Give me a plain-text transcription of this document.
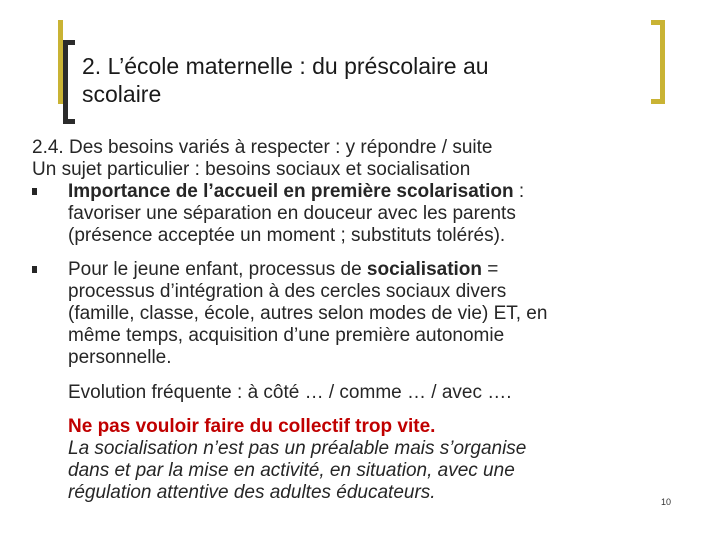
2. L’école maternelle : du préscolaire au
scolaire

2.4. Des besoins variés à respecter : y répondre / suite

Un sujet particulier : besoins sociaux et socialisation

Importance de l’accueil en première scolarisation :

favoriser une séparation en douceur avec les parents

(présence acceptée un moment ; substituts tolérés).

Pour le jeune enfant, processus de socialisation =

processus d’intégration à des cercles sociaux divers

(famille, classe, école, autres selon modes de vie) ET, en

même temps, acquisition d’une première autonomie

personnelle.

Evolution fréquente : à côté … / comme … / avec ….

Ne pas vouloir faire du collectif trop vite.

La socialisation n’est pas un préalable mais s’organise

dans et par la mise en activité, en situation, avec une

régulation attentive des adultes éducateurs.	10
